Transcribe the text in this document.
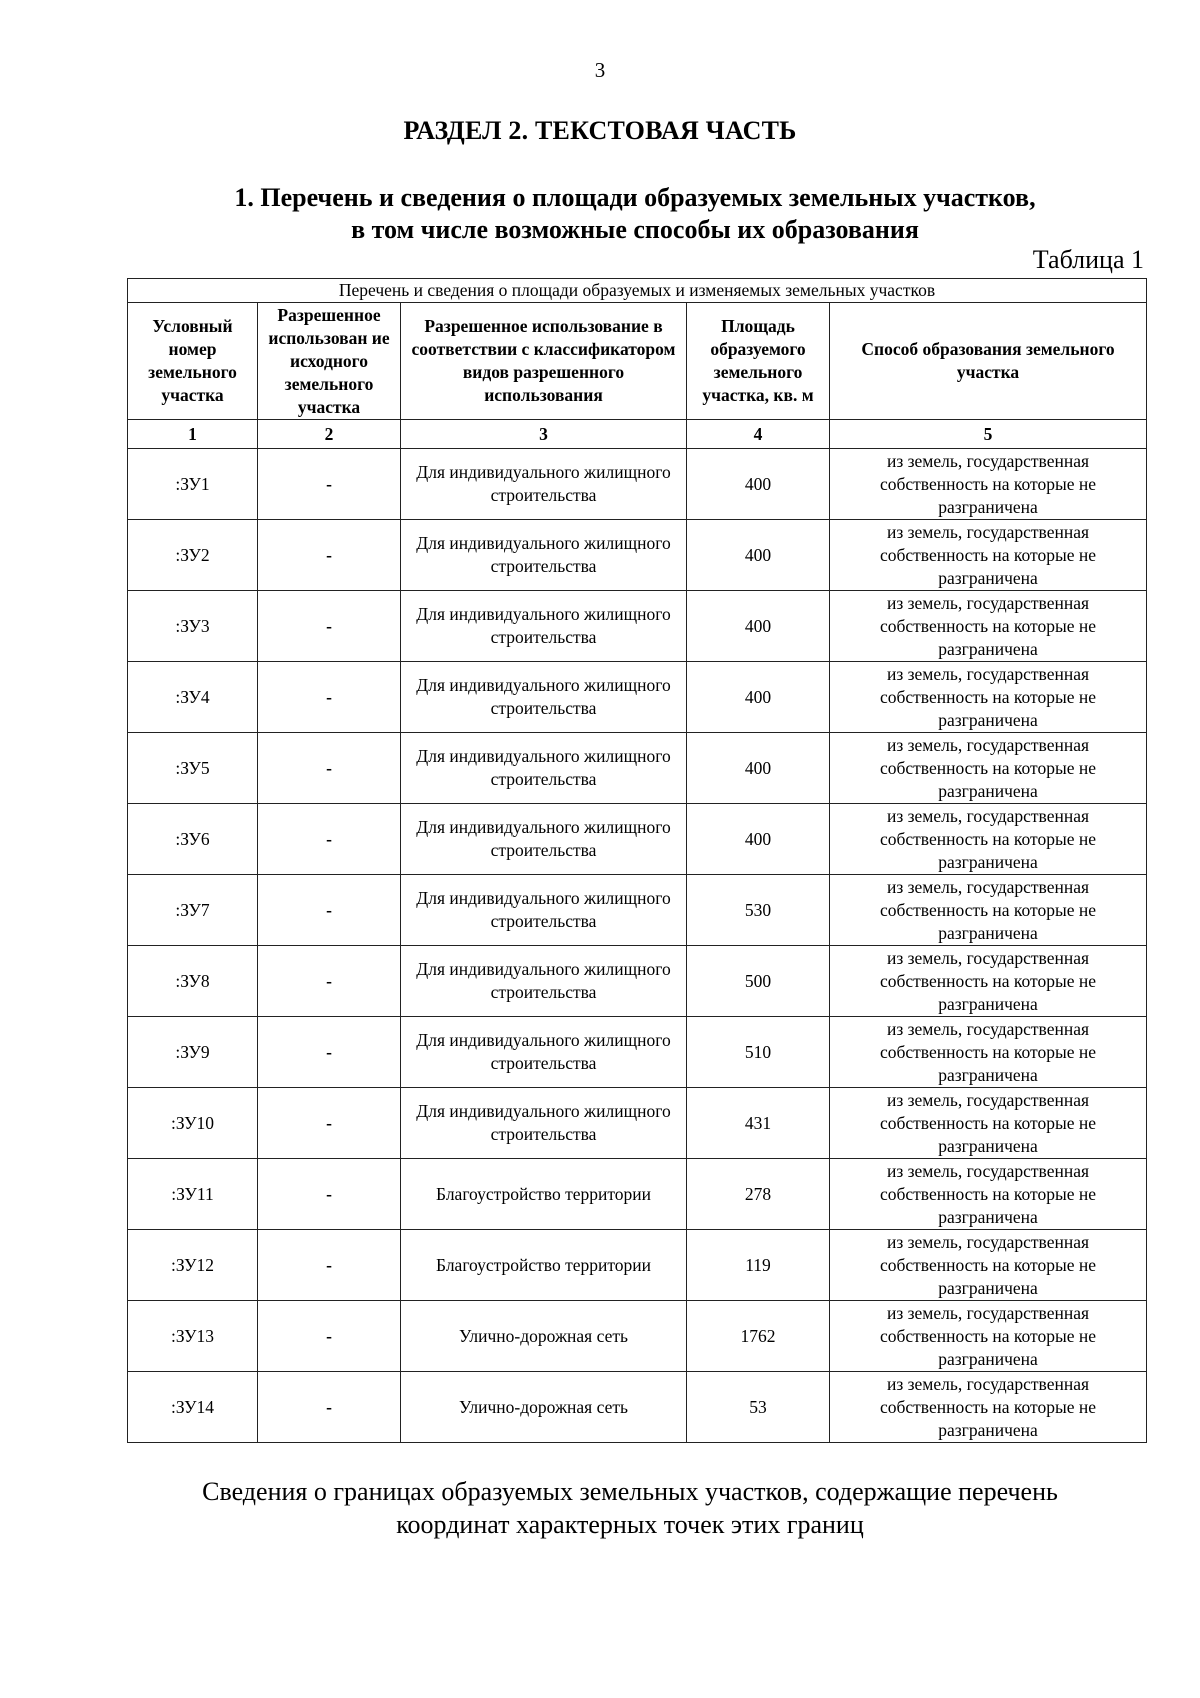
3
РАЗДЕЛ 2. ТЕКСТОВАЯ ЧАСТЬ
1. Перечень и сведения о площади образуемых земельных участков,
в том числе возможные способы их образования
Таблица 1
Перечень и сведения о площади образуемых и изменяемых земельных участков				
Условный номер земельного участка	Разрешенное использован ие исходного земельного участка	Разрешенное использование в соответствии с классификатором видов разрешенного использования	Площадь образуемого земельного участка, кв. м	Способ образования земельного участка
1	2	3	4	5
:ЗУ1	-	Для индивидуального жилищного строительства	400	из земель, государственная собственность на которые не разграничена
:ЗУ2	-	Для индивидуального жилищного строительства	400	из земель, государственная собственность на которые не разграничена
:ЗУ3	-	Для индивидуального жилищного строительства	400	из земель, государственная собственность на которые не разграничена
:ЗУ4	-	Для индивидуального жилищного строительства	400	из земель, государственная собственность на которые не разграничена
:ЗУ5	-	Для индивидуального жилищного строительства	400	из земель, государственная собственность на которые не разграничена
:ЗУ6	-	Для индивидуального жилищного строительства	400	из земель, государственная собственность на которые не разграничена
:ЗУ7	-	Для индивидуального жилищного строительства	530	из земель, государственная собственность на которые не разграничена
:ЗУ8	-	Для индивидуального жилищного строительства	500	из земель, государственная собственность на которые не разграничена
:ЗУ9	-	Для индивидуального жилищного строительства	510	из земель, государственная собственность на которые не разграничена
:ЗУ10	-	Для индивидуального жилищного строительства	431	из земель, государственная собственность на которые не разграничена
:ЗУ11	-	Благоустройство территории	278	из земель, государственная собственность на которые не разграничена
:ЗУ12	-	Благоустройство территории	119	из земель, государственная собственность на которые не разграничена
:ЗУ13	-	Улично-дорожная сеть	1762	из земель, государственная собственность на которые не разграничена
:ЗУ14	-	Улично-дорожная сеть	53	из земель, государственная собственность на которые не разграничена
Сведения о границах образуемых земельных участков, содержащие перечень
координат характерных точек этих границ
